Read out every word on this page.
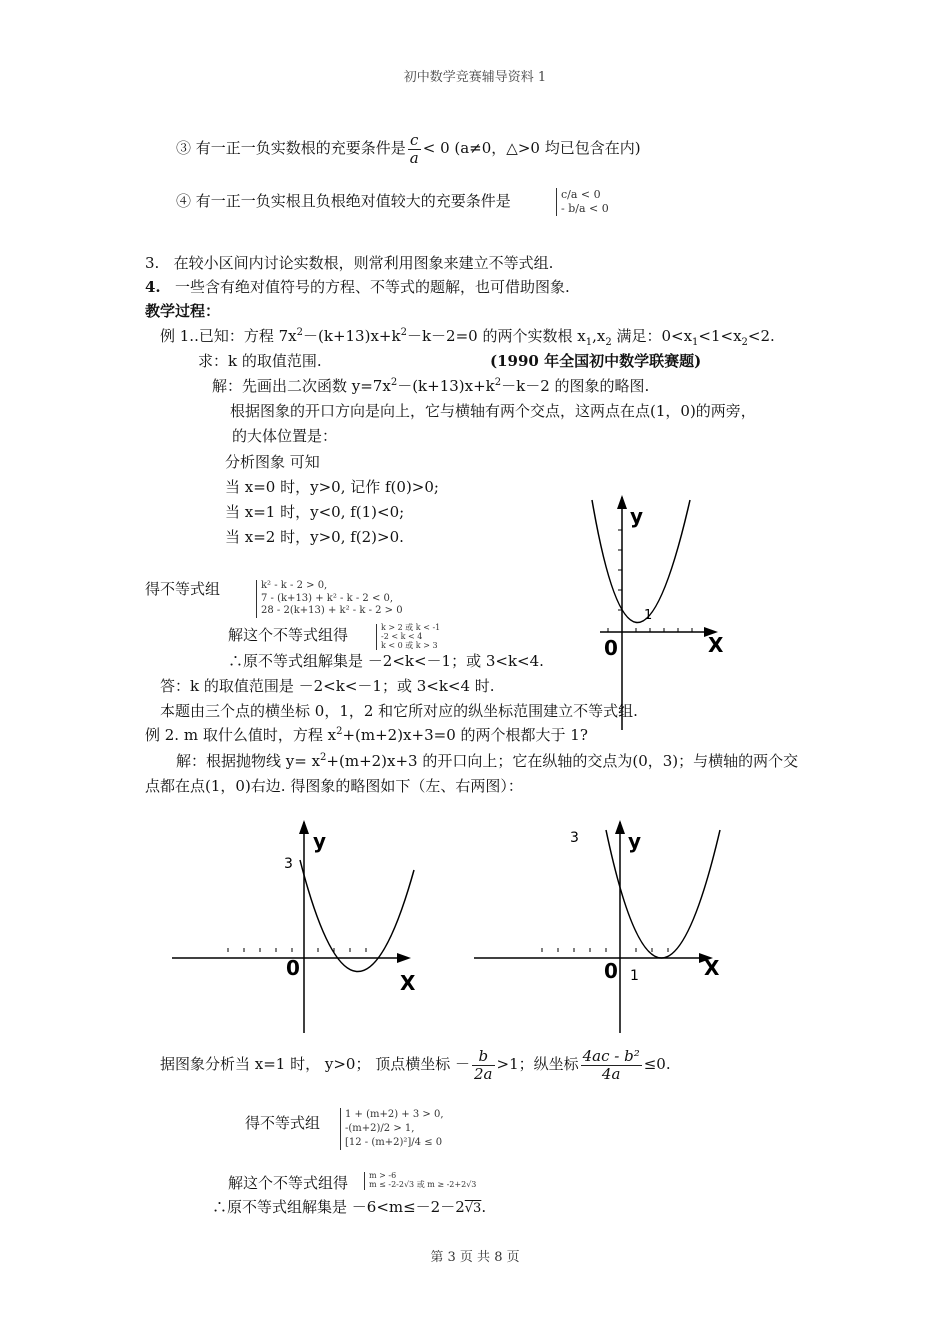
初中数学竞赛辅导资料 1
③ 有一正一负实数根的充要条件是 $\frac{c}{a} < 0$ (a≠0，△>0 均已包含在内)
④ 有一正一负实根且负根绝对值较大的充要条件是	c/a < 0
- b/a < 0
3. 在较小区间内讨论实数根，则常利用图象来建立不等式组.
4. 一些含有绝对值符号的方程、不等式的题解，也可借助图象.
教学过程：
例 1..已知：方程 $7x^2-(k+13)x+k^2-k-2=0$ 的两个实数根 $x_1,x_2$ 满足：$0<x_1<1<x_2<2$.
求：k 的取值范围.	(1990 年全国初中数学联赛题)
解：先画出二次函数 $y=7x^2-(k+13)x+k^2-k-2$ 的图象的略图.
根据图象的开口方向是向上，它与横轴有两个交点，这两点在点(1，0)的两旁，
的大体位置是：
分析图象 可知
当 x=0 时，y>0, 记作 f(0)>0;
当 x=1 时，y<0, f(1)<0;
当 x=2 时，y>0, f(2)>0.
得不等式组	k² - k - 2 > 0,
7 - (k+13) + k² - k - 2 < 0,
28 - 2(k+13) + k² - k - 2 > 0
解这个不等式组得	k > 2 或 k < -1
-2 < k < 4
k < 0 或 k > 3
∴原不等式组解集是 －2<k<－1；或 3<k<4.
答：k 的取值范围是 －2<k<－1；或 3<k<4 时.
本题由三个点的横坐标 0，1，2 和它所对应的纵坐标范围建立不等式组.
y
X
0
1
例 2. m 取什么值时，方程 $x^2+(m+2)x+3=0$ 的两个根都大于 1?
解：根据抛物线 $y= x^2+(m+2)x+3$ 的开口向上；它在纵轴的交点为(0，3)；与横轴的两个交
点都在点(1，0)右边. 得图象的略图如下（左、右两图）：
y
X
3
0
y
X
3
0 1
据图象分析当 x=1 时， y>0； 顶点横坐标 － $\frac{b}{2a} >1$；纵坐标 $\frac{\text{4ac - b²}}{4a} \le 0$.
得不等式组 1 + (m+2) + 3 > 0,
-(m+2)/2 > 1,
[12 - (m+2)²]/4 ≤ 0
解这个不等式组得	m > -6
m ≤ -2-2√3 或 m ≥ -2+2√3
∴原不等式组解集是 －6<m≤－2－2√3.
第 3 页 共 8 页
